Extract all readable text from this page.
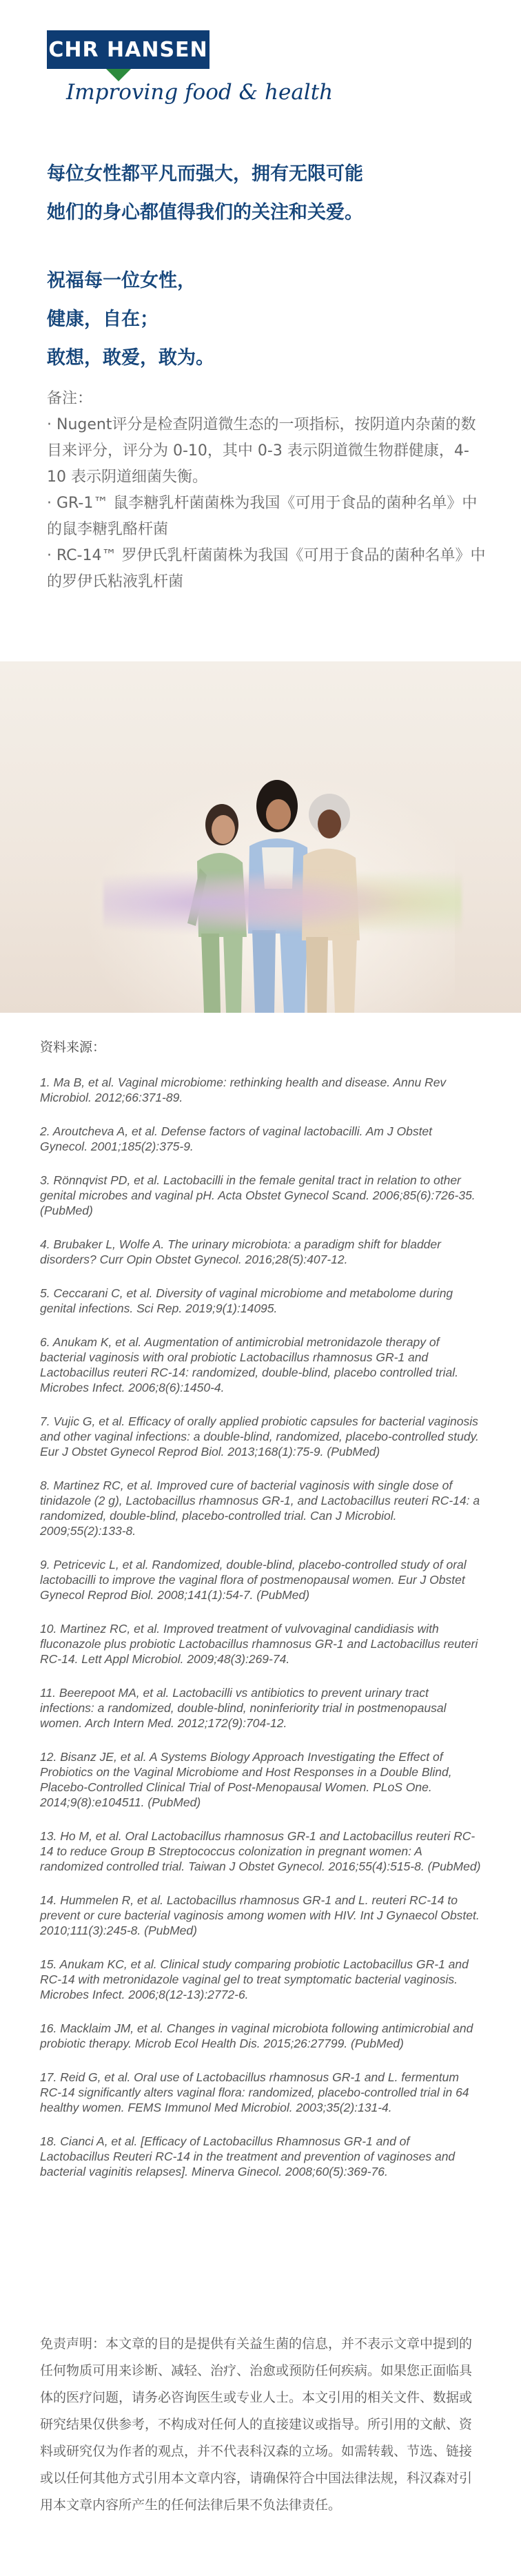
CHR HANSEN
Improving food & health
每位女性都平凡而强大，拥有无限可能
她们的身心都值得我们的关注和关爱。
祝福每一位女性，
健康，自在；
敢想，敢爱，敢为。

备注：

· Nugent评分是检查阴道微生态的一项指标，按阴道内杂菌的数目来评分，评分为 0-10，其中 0-3 表示阴道微生物群健康，4-10 表示阴道细菌失衡。

· GR-1™ 鼠李糖乳杆菌菌株为我国《可用于食品的菌种名单》中的鼠李糖乳酪杆菌

· RC-14™ 罗伊氏乳杆菌菌株为我国《可用于食品的菌种名单》中的罗伊氏粘液乳杆菌

资料来源：

1. Ma B, et al. Vaginal microbiome: rethinking health and disease. Annu Rev Microbiol. 2012;66:371-89.

2. Aroutcheva A, et al. Defense factors of vaginal lactobacilli. Am J Obstet Gynecol. 2001;185(2):375-9.

3. Rönnqvist PD, et al. Lactobacilli in the female genital tract in relation to other genital microbes and vaginal pH. Acta Obstet Gynecol Scand. 2006;85(6):726-35. (PubMed)

4. Brubaker L, Wolfe A. The urinary microbiota: a paradigm shift for bladder disorders? Curr Opin Obstet Gynecol. 2016;28(5):407-12.

5. Ceccarani C, et al. Diversity of vaginal microbiome and metabolome during genital infections. Sci Rep. 2019;9(1):14095.

6. Anukam K, et al. Augmentation of antimicrobial metronidazole therapy of bacterial vaginosis with oral probiotic Lactobacillus rhamnosus GR-1 and Lactobacillus reuteri RC-14: randomized, double-blind, placebo controlled trial. Microbes Infect. 2006;8(6):1450-4.

7. Vujic G, et al. Efficacy of orally applied probiotic capsules for bacterial vaginosis and other vaginal infections: a double-blind, randomized, placebo-controlled study. Eur J Obstet Gynecol Reprod Biol. 2013;168(1):75-9. (PubMed)

8. Martinez RC, et al. Improved cure of bacterial vaginosis with single dose of tinidazole (2 g), Lactobacillus rhamnosus GR-1, and Lactobacillus reuteri RC-14: a randomized, double-blind, placebo-controlled trial. Can J Microbiol. 2009;55(2):133-8.

9. Petricevic L, et al. Randomized, double-blind, placebo-controlled study of oral lactobacilli to improve the vaginal flora of postmenopausal women. Eur J Obstet Gynecol Reprod Biol. 2008;141(1):54-7. (PubMed)

10. Martinez RC, et al. Improved treatment of vulvovaginal candidiasis with fluconazole plus probiotic Lactobacillus rhamnosus GR-1 and Lactobacillus reuteri RC-14. Lett Appl Microbiol. 2009;48(3):269-74.

11. Beerepoot MA, et al. Lactobacilli vs antibiotics to prevent urinary tract infections: a randomized, double-blind, noninferiority trial in postmenopausal women. Arch Intern Med. 2012;172(9):704-12.

12. Bisanz JE, et al. A Systems Biology Approach Investigating the Effect of Probiotics on the Vaginal Microbiome and Host Responses in a Double Blind, Placebo-Controlled Clinical Trial of Post-Menopausal Women. PLoS One. 2014;9(8):e104511. (PubMed)

13. Ho M, et al. Oral Lactobacillus rhamnosus GR-1 and Lactobacillus reuteri RC-14 to reduce Group B Streptococcus colonization in pregnant women: A randomized controlled trial. Taiwan J Obstet Gynecol. 2016;55(4):515-8. (PubMed)

14. Hummelen R, et al. Lactobacillus rhamnosus GR-1 and L. reuteri RC-14 to prevent or cure bacterial vaginosis among women with HIV. Int J Gynaecol Obstet. 2010;111(3):245-8. (PubMed)

15. Anukam KC, et al. Clinical study comparing probiotic Lactobacillus GR-1 and RC-14 with metronidazole vaginal gel to treat symptomatic bacterial vaginosis. Microbes Infect. 2006;8(12-13):2772-6.

16. Macklaim JM, et al. Changes in vaginal microbiota following antimicrobial and probiotic therapy. Microb Ecol Health Dis. 2015;26:27799. (PubMed)

17. Reid G, et al. Oral use of Lactobacillus rhamnosus GR-1 and L. fermentum RC-14 significantly alters vaginal flora: randomized, placebo-controlled trial in 64 healthy women. FEMS Immunol Med Microbiol. 2003;35(2):131-4.

18. Cianci A, et al. [Efficacy of Lactobacillus Rhamnosus GR-1 and of Lactobacillus Reuteri RC-14 in the treatment and prevention of vaginoses and bacterial vaginitis relapses]. Minerva Ginecol. 2008;60(5):369-76.

免责声明：本文章的目的是提供有关益生菌的信息，并不表示文章中提到的任何物质可用来诊断、减轻、治疗、治愈或预防任何疾病。如果您正面临具体的医疗问题，请务必咨询医生或专业人士。本文引用的相关文件、数据或研究结果仅供参考，不构成对任何人的直接建议或指导。所引用的文献、资料或研究仅为作者的观点，并不代表科汉森的立场。如需转载、节选、链接或以任何其他方式引用本文章内容，请确保符合中国法律法规，科汉森对引用本文章内容所产生的任何法律后果不负法律责任。
